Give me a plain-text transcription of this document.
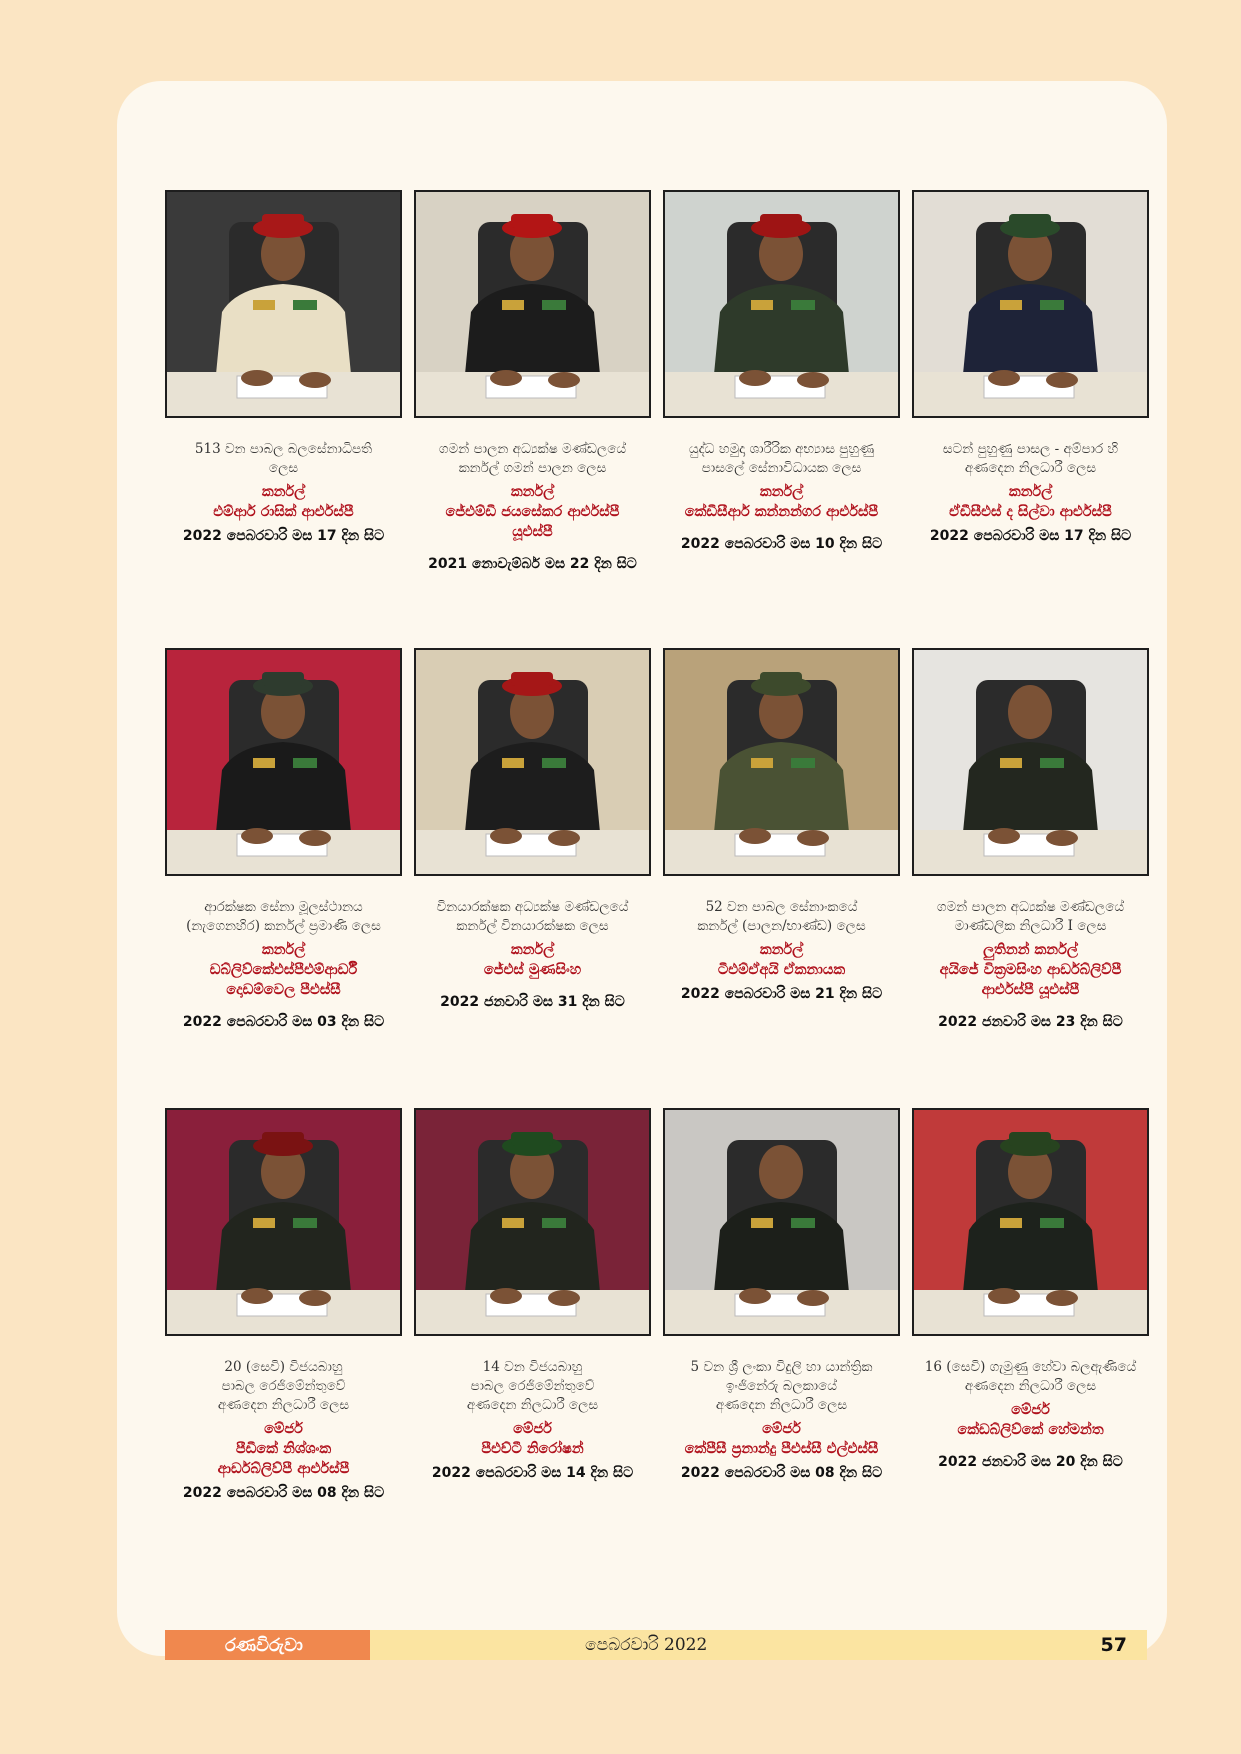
513 වන පාබල බලසේනාධිපති
ලෙස
කර්නල්
එම්ආර් රාසික් ආර්එස්පී
2022 පෙබරවාරි මස 17 දින සිට
ගමන් පාලන අධ්‍යක්ෂ මණ්ඩලයේ
කර්නල් ගමන් පාලන ලෙස
කර්නල්
ජේඑම්ඩී ජයසේකර ආර්එස්පී
යූඑස්පී
2021 නොවැම්බර් මස 22 දින සිට
යුද්ධ හමුදා ශාරීරික අභ්‍යාස පුහුණු
පාසලේ සේනාවිධායක ලෙස
කර්නල්
කේඩීසීආර් කන්නන්ගර ආර්එස්පී
2022 පෙබරවාරි මස 10 දින සිට
සටන් පුහුණු පාසල - අම්පාර හි
අණදෙන නිලධාරී ලෙස
කර්නල්
ඒඩීසීඑස් ද සිල්වා ආර්එස්පී
2022 පෙබරවාරි මස 17 දින සිට
ආරක්ෂක සේනා මූලස්ථානය
(නැගෙනහිර) කර්නල් ප්‍රමාණි ලෙස
කර්නල්
ඩබ්ලිව්කේඑස්පීඑම්ආර්ඩී
දොඩම්වෙල පීඑස්සී
2022 පෙබරවාරි මස 03 දින සිට
විනයාරක්ෂක අධ්‍යක්ෂ මණ්ඩලයේ
කර්නල් විනයාරක්ෂක ලෙස
කර්නල්
ජේඑස් මුණසිංහ
2022 ජනවාරි මස 31 දින සිට
52 වන පාබල සේනාංකයේ
කර්නල් (පාලන/භාණ්ඩ) ලෙස
කර්නල්
ටීඑම්ඒඅයි ඒකනායක
2022 පෙබරවාරි මස 21 දින සිට
ගමන් පාලන අධ්‍යක්ෂ මණ්ඩලයේ
මාණ්ඩලික නිලධාරී I ලෙස
ලුතිනන් කර්නල්
අයිජේ වික්‍රමසිංහ ආර්ඩබ්ලිව්පී
ආර්එස්පී යූඑස්පී
2022 ජනවාරි මස 23 දින සිට
20 (සෙවි) විජයබාහු
පාබල රෙජිමේන්තුවේ
අණදෙන නිලධාරී ලෙස
මේජර්
පීඩීකේ නිශ්ශංක
ආර්ඩබ්ලිව්පී ආර්එස්පී
2022 පෙබරවාරි මස 08 දින සිට
14 වන විජයබාහු
පාබල රෙජිමේන්තුවේ
අණදෙන නිලධාරී ලෙස
මේජර්
පීඑච්ටී නිරෝෂන්
2022 පෙබරවාරි මස 14 දින සිට
5 වන ශ්‍රී ලංකා විදුලි හා යාන්ත්‍රික
ඉංජිනේරු බලකායේ
අණදෙන නිලධාරී ලෙස
මේජර්
කේපීසී ප්‍රනාන්දු පීඑස්සී එල්එස්සී
2022 පෙබරවාරි මස 08 දින සිට
16 (සෙවි) ගැමුණු හේවා බලඇණියේ
අණදෙන නිලධාරී ලෙස
මේජර්
කේඩබ්ලිව්කේ හේමන්ත
2022 ජනවාරි මස 20 දින සිට
රණවිරුවා	පෙබරවාරි 2022	57
